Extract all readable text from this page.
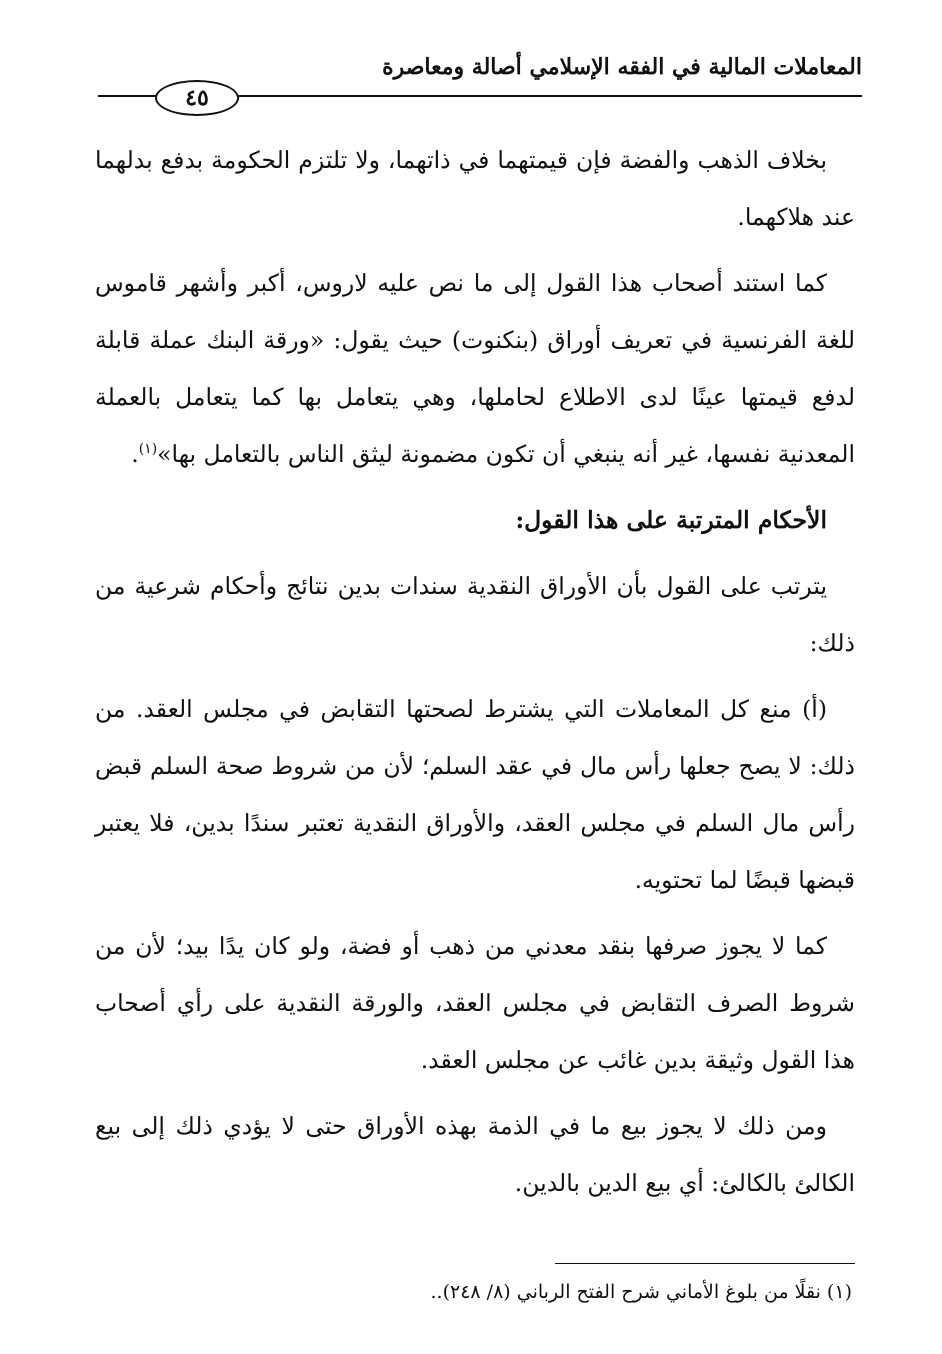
المعاملات المالية في الفقه الإسلامي أصالة ومعاصرة
٤٥

بخلاف الذهب والفضة فإن قيمتهما في ذاتهما، ولا تلتزم الحكومة بدفع بدلهما عند هلاكهما.

كما استند أصحاب هذا القول إلى ما نص عليه لاروس، أكبر وأشهر قاموس للغة الفرنسية في تعريف أوراق (بنكنوت) حيث يقول: «ورقة البنك عملة قابلة لدفع قيمتها عينًا لدى الاطلاع لحاملها، وهي يتعامل بها كما يتعامل بالعملة المعدنية نفسها، غير أنه ينبغي أن تكون مضمونة ليثق الناس بالتعامل بها»$^{(١)}$.

الأحكام المترتبة على هذا القول:

يترتب على القول بأن الأوراق النقدية سندات بدين نتائج وأحكام شرعية من ذلك:

(أ) منع كل المعاملات التي يشترط لصحتها التقابض في مجلس العقد. من ذلك: لا يصح جعلها رأس مال في عقد السلم؛ لأن من شروط صحة السلم قبض رأس مال السلم في مجلس العقد، والأوراق النقدية تعتبر سندًا بدين، فلا يعتبر قبضها قبضًا لما تحتويه.

كما لا يجوز صرفها بنقد معدني من ذهب أو فضة، ولو كان يدًا بيد؛ لأن من شروط الصرف التقابض في مجلس العقد، والورقة النقدية على رأي أصحاب هذا القول وثيقة بدين غائب عن مجلس العقد.

ومن ذلك لا يجوز بيع ما في الذمة بهذه الأوراق حتى لا يؤدي ذلك إلى بيع الكالئ بالكالئ: أي بيع الدين بالدين.

(١) نقلًا من بلوغ الأماني شرح الفتح الرباني (٨/ ٢٤٨)..
